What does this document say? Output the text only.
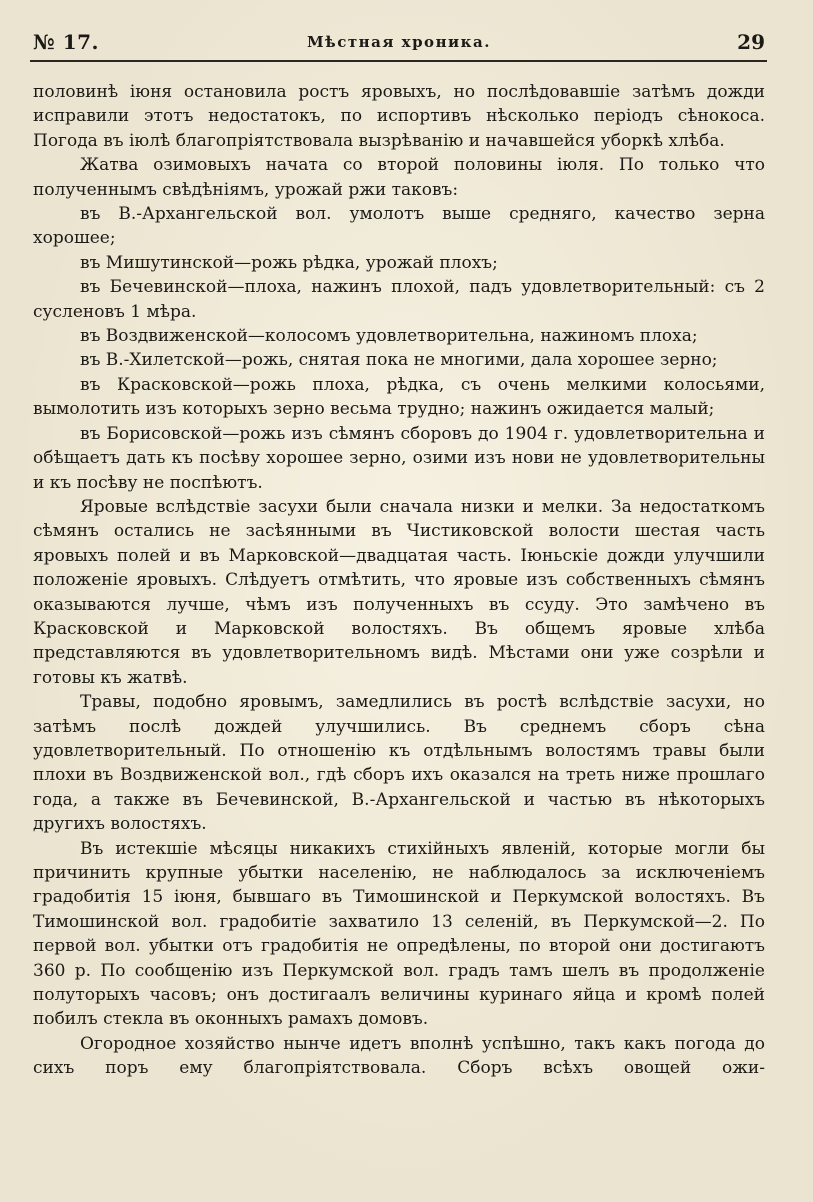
№ 17.	Мѣстная хроника.	29

половинѣ іюня остановила ростъ яровыхъ, но послѣдовавшіе затѣмъ дожди исправили этотъ недостатокъ, по испортивъ нѣсколько періодъ сѣнокоса. Погода въ іюлѣ благопріятствовала вызрѣванію и начавшейся уборкѣ хлѣба.

Жатва озимовыхъ начата со второй половины іюля. По только что полученнымъ свѣдѣніямъ, урожай ржи таковъ:

въ В.-Архангельской вол. умолотъ выше средняго, качество зерна хорошее;

въ Мишутинской—рожь рѣдка, урожай плохъ;

въ Бечевинской—плоха, нажинъ плохой, падъ удовлетворительный: съ 2 сусленовъ 1 мѣра.

въ Воздвиженской—колосомъ удовлетворительна, нажиномъ плоха;

въ В.-Хилетской—рожь, снятая пока не многими, дала хорошее зерно;

въ Красковской—рожь плоха, рѣдка, съ очень мелкими колосьями, вымолотить изъ которыхъ зерно весьма трудно; нажинъ ожидается малый;

въ Борисовской—рожь изъ сѣмянъ сборовъ до 1904 г. удовлетворительна и обѣщаетъ дать къ посѣву хорошее зерно, озими изъ нови не удовлетворительны и къ посѣву не поспѣютъ.

Яровые вслѣдствіе засухи были сначала низки и мелки. За недостаткомъ сѣмянъ остались не засѣянными въ Чистиковской волости шестая часть яровыхъ полей и въ Марковской—двадцатая часть. Іюньскіе дожди улучшили положеніе яровыхъ. Слѣдуетъ отмѣтить, что яровые изъ собственныхъ сѣмянъ оказываются лучше, чѣмъ изъ полученныхъ въ ссуду. Это замѣчено въ Красковской и Марковской волостяхъ. Въ общемъ яровые хлѣба представляются въ удовлетворительномъ видѣ. Мѣстами они уже созрѣли и готовы къ жатвѣ.

Травы, подобно яровымъ, замедлились въ ростѣ вслѣдствіе засухи, но затѣмъ послѣ дождей улучшились. Въ среднемъ сборъ сѣна удовлетворительный. По отношенію къ отдѣльнымъ волостямъ травы были плохи въ Воздвиженской вол., гдѣ сборъ ихъ оказался на треть ниже прошлаго года, а также въ Бечевинской, В.-Архангельской и частью въ нѣкоторыхъ другихъ волостяхъ.

Въ истекшіе мѣсяцы никакихъ стихійныхъ явленій, которые могли бы причинить крупные убытки населенію, не наблюдалось за исключеніемъ градобитія 15 іюня, бывшаго въ Тимошинской и Перкумской волостяхъ. Въ Тимошинской вол. градобитіе захватило 13 селеній, въ Перкумской—2. По первой вол. убытки отъ градобитія не опредѣлены, по второй они достигаютъ 360 р. По сообщенію изъ Перкумской вол. градъ тамъ шелъ въ продолженіе полуторыхъ часовъ; онъ достигаалъ величины куринаго яйца и кромѣ полей побилъ стекла въ оконныхъ рамахъ домовъ.

Огородное хозяйство нынче идетъ вполнѣ успѣшно, такъ какъ погода до сихъ поръ ему благопріятствовала. Сборъ всѣхъ овощей ожи-
